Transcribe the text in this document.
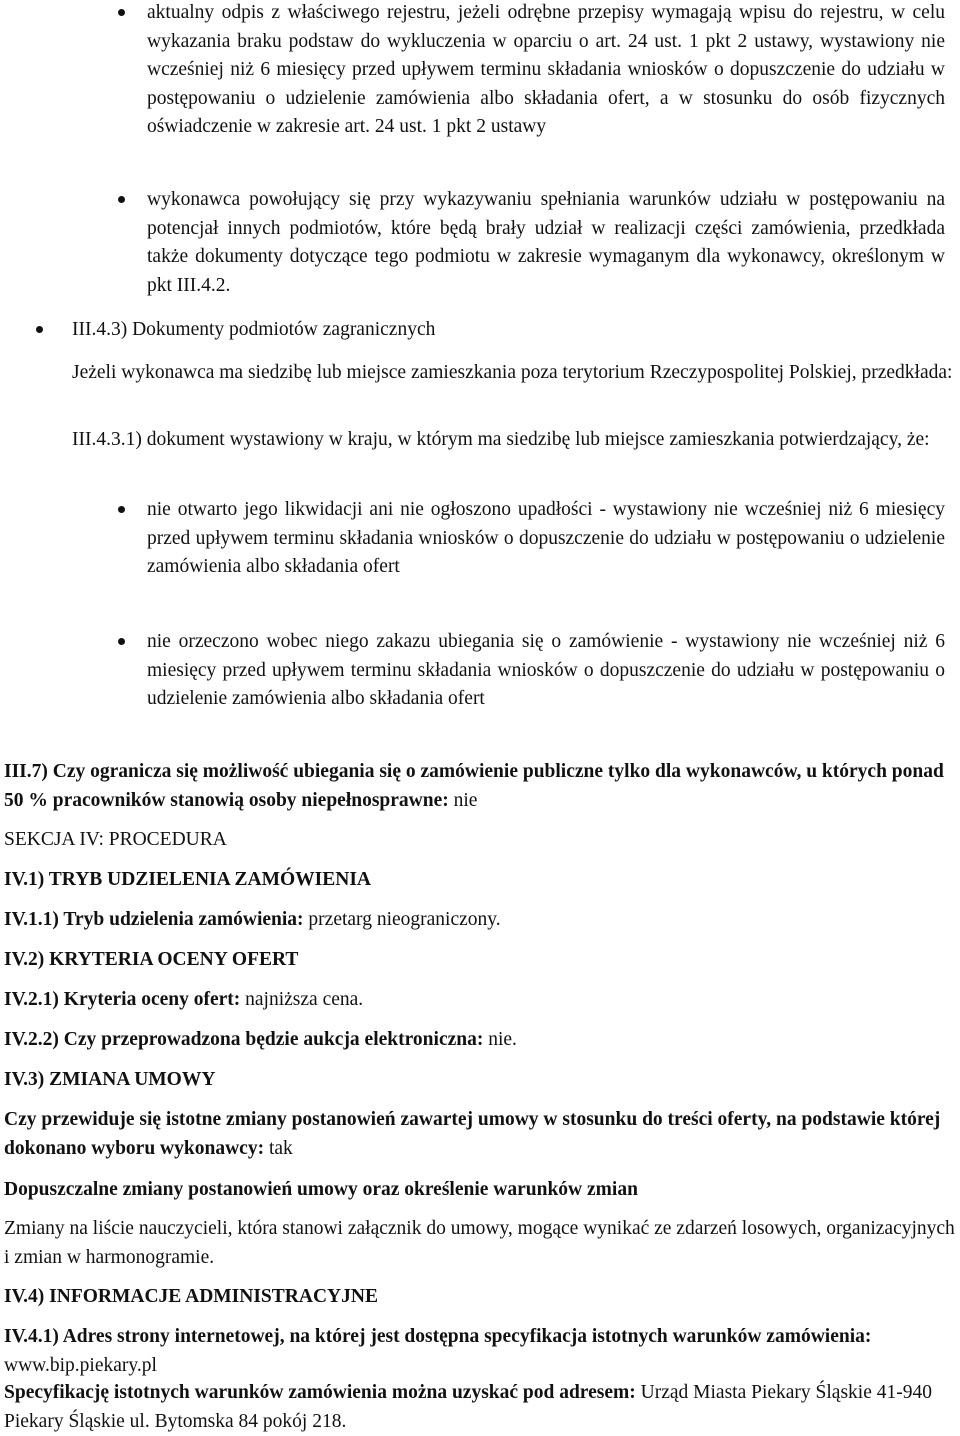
aktualny odpis z właściwego rejestru, jeżeli odrębne przepisy wymagają wpisu do rejestru, w celu wykazania braku podstaw do wykluczenia w oparciu o art. 24 ust. 1 pkt 2 ustawy, wystawiony nie wcześniej niż 6 miesięcy przed upływem terminu składania wniosków o dopuszczenie do udziału w postępowaniu o udzielenie zamówienia albo składania ofert, a w stosunku do osób fizycznych oświadczenie w zakresie art. 24 ust. 1 pkt 2 ustawy

wykonawca powołujący się przy wykazywaniu spełniania warunków udziału w postępowaniu na potencjał innych podmiotów, które będą brały udział w realizacji części zamówienia, przedkłada także dokumenty dotyczące tego podmiotu w zakresie wymaganym dla wykonawcy, określonym w pkt III.4.2.

III.4.3) Dokumenty podmiotów zagranicznych

Jeżeli wykonawca ma siedzibę lub miejsce zamieszkania poza terytorium Rzeczypospolitej Polskiej, przedkłada:

III.4.3.1) dokument wystawiony w kraju, w którym ma siedzibę lub miejsce zamieszkania potwierdzający, że:

nie otwarto jego likwidacji ani nie ogłoszono upadłości - wystawiony nie wcześniej niż 6 miesięcy przed upływem terminu składania wniosków o dopuszczenie do udziału w postępowaniu o udzielenie zamówienia albo składania ofert

nie orzeczono wobec niego zakazu ubiegania się o zamówienie - wystawiony nie wcześniej niż 6 miesięcy przed upływem terminu składania wniosków o dopuszczenie do udziału w postępowaniu o udzielenie zamówienia albo składania ofert

III.7) Czy ogranicza się możliwość ubiegania się o zamówienie publiczne tylko dla wykonawców, u których ponad 50 % pracowników stanowią osoby niepełnosprawne: nie

SEKCJA IV: PROCEDURA

IV.1) TRYB UDZIELENIA ZAMÓWIENIA

IV.1.1) Tryb udzielenia zamówienia: przetarg nieograniczony.

IV.2) KRYTERIA OCENY OFERT

IV.2.1) Kryteria oceny ofert: najniższa cena.

IV.2.2) Czy przeprowadzona będzie aukcja elektroniczna: nie.

IV.3) ZMIANA UMOWY

Czy przewiduje się istotne zmiany postanowień zawartej umowy w stosunku do treści oferty, na podstawie której dokonano wyboru wykonawcy: tak

Dopuszczalne zmiany postanowień umowy oraz określenie warunków zmian

Zmiany na liście nauczycieli, która stanowi załącznik do umowy, mogące wynikać ze zdarzeń losowych, organizacyjnych i zmian w harmonogramie.

IV.4) INFORMACJE ADMINISTRACYJNE

IV.4.1) Adres strony internetowej, na której jest dostępna specyfikacja istotnych warunków zamówienia: www.bip.piekary.pl

Specyfikację istotnych warunków zamówienia można uzyskać pod adresem: Urząd Miasta Piekary Śląskie 41-940 Piekary Śląskie ul. Bytomska 84 pokój 218.
